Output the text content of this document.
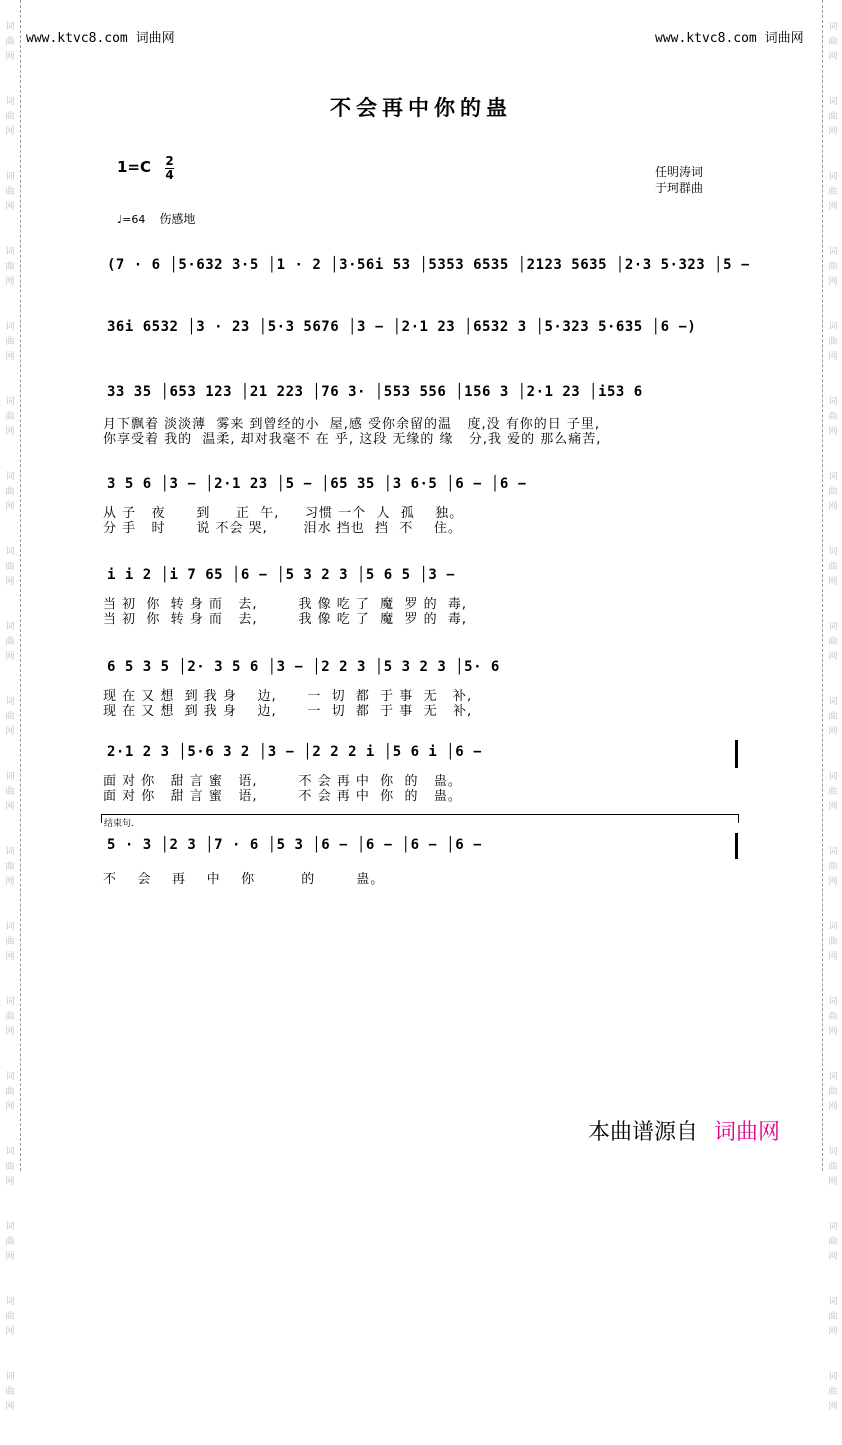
词
曲
网

词
曲
网

词
曲
网

词
曲
网

词
曲
网

词
曲
网

词
曲
网

词
曲
网

词
曲
网

词
曲
网

词
曲
网

词
曲
网

词
曲
网

词
曲
网

词
曲
网

词
曲
网

词
曲
网

词
曲
网

词
曲
网

词
曲
网

词
曲
网

词
曲
网

词
曲
网

词
曲
网

词
曲
网

词
曲
网

词
曲
网

词
曲
网

词
曲
网

词
曲
网

词
曲
网

词
曲
网

词
曲
网

词
曲
网

词
曲
网

词
曲
网

词
曲
网

词
曲
网

www.ktvc8.com 词曲网	www.ktvc8.com 词曲网
不会再中你的蛊
1=C 2
4	任明涛词
于珂群曲
♩=64 伤感地
(7 · 6 │5·632 3·5 │1 · 2 │3·56i 53 │5353 6535 │2123 5635 │2·3 5·323 │5 −
36i 6532 │3 · 23 │5·3 5676 │3 − │2·1 23 │6532 3 │5·323 5·635 │6 −)
33 35 │653 123 │21 223 │76 3· │553 556 │156 3 │2·1 23 │i53 6
月下飘着 淡淡薄  雾来 到曾经的小  屋,感 受你余留的温   度,没 有你的日 子里,
你享受着 我的  温柔, 却对我毫不 在 乎, 这段 无缘的 缘   分,我 爱的 那么痛苦,
3 5 6 │3 − │2·1 23 │5 − │65 35 │3 6·5 │6 − │6 −
从 子   夜      到     正  午,     习惯 一个  人  孤    独。
分 手   时      说 不会 哭,       泪水 挡也  挡  不    住。
i i 2 │i 7 65 │6 − │5 3 2 3 │5 6 5 │3 −
当 初  你  转 身 而   去,        我 像 吃 了  魔  罗 的  毒,
当 初  你  转 身 而   去,        我 像 吃 了  魔  罗 的  毒,
6 5 3 5 │2· 3 5 6 │3 − │2 2 3 │5 3 2 3 │5· 6
现 在 又 想  到 我 身    边,      一  切  都  于 事  无   补,
现 在 又 想  到 我 身    边,      一  切  都  于 事  无   补,
2·1 2 3 │5·6 3 2 │3 − │2 2 2 i │5 6 i │6 −
面 对 你   甜 言 蜜   语,        不 会 再 中  你  的   蛊。
面 对 你   甜 言 蜜   语,        不 会 再 中  你  的   蛊。
结束句.
5 · 3 │2 3 │7 · 6 │5 3 │6 − │6 − │6 − │6 −
不    会    再    中    你         的        蛊。
本曲谱源自 词曲网
